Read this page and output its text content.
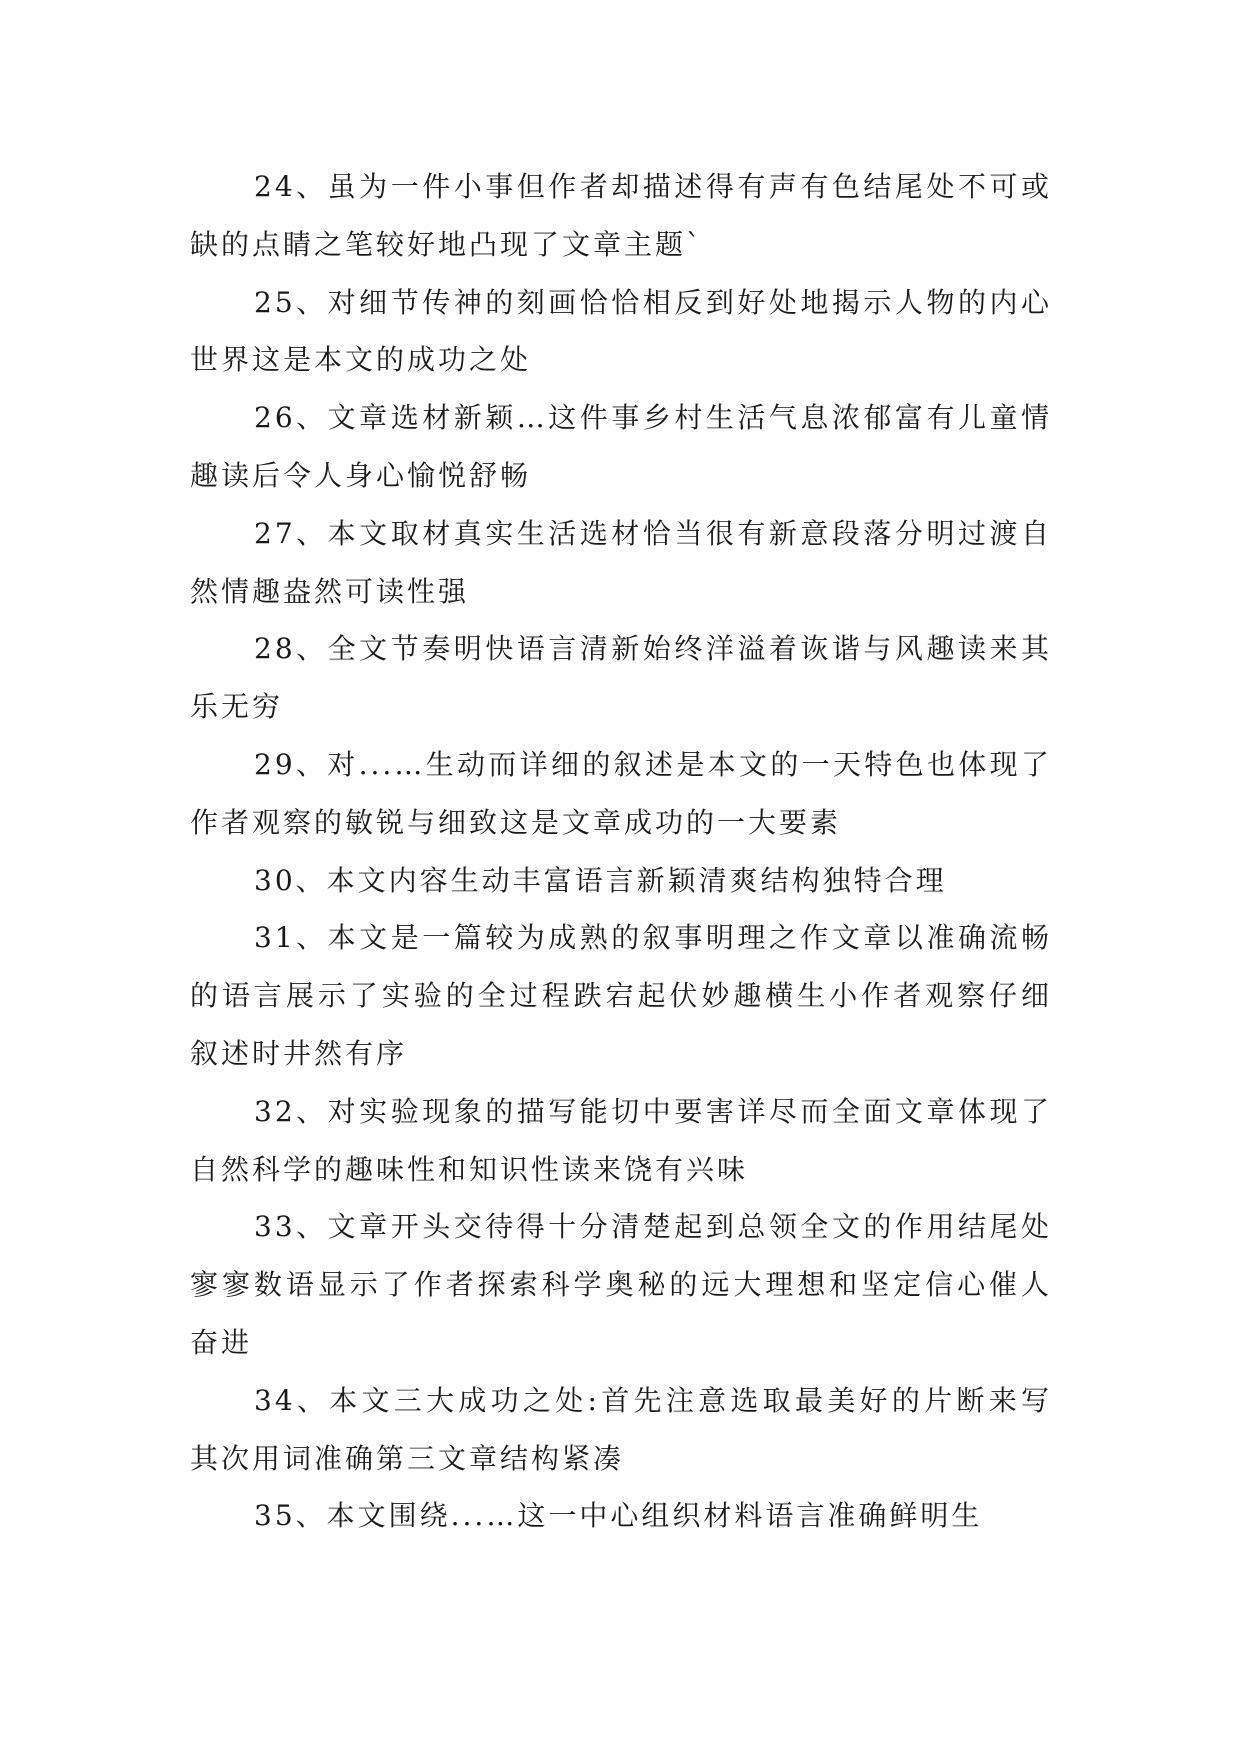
24、虽为一件小事但作者却描述得有声有色结尾处不可或缺的点睛之笔较好地凸现了文章主题`

25、对细节传神的刻画恰恰相反到好处地揭示人物的内心世界这是本文的成功之处

26、文章选材新颖…这件事乡村生活气息浓郁富有儿童情趣读后令人身心愉悦舒畅

27、本文取材真实生活选材恰当很有新意段落分明过渡自然情趣盎然可读性强

28、全文节奏明快语言清新始终洋溢着诙谐与风趣读来其乐无穷

29、对...…生动而详细的叙述是本文的一天特色也体现了作者观察的敏锐与细致这是文章成功的一大要素

30、本文内容生动丰富语言新颖清爽结构独特合理

31、本文是一篇较为成熟的叙事明理之作文章以准确流畅的语言展示了实验的全过程跌宕起伏妙趣横生小作者观察仔细叙述时井然有序

32、对实验现象的描写能切中要害详尽而全面文章体现了自然科学的趣味性和知识性读来饶有兴味

33、文章开头交待得十分清楚起到总领全文的作用结尾处寥寥数语显示了作者探索科学奥秘的远大理想和坚定信心催人奋进

34、本文三大成功之处:首先注意选取最美好的片断来写其次用词准确第三文章结构紧凑

35、本文围绕...…这一中心组织材料语言准确鲜明生
